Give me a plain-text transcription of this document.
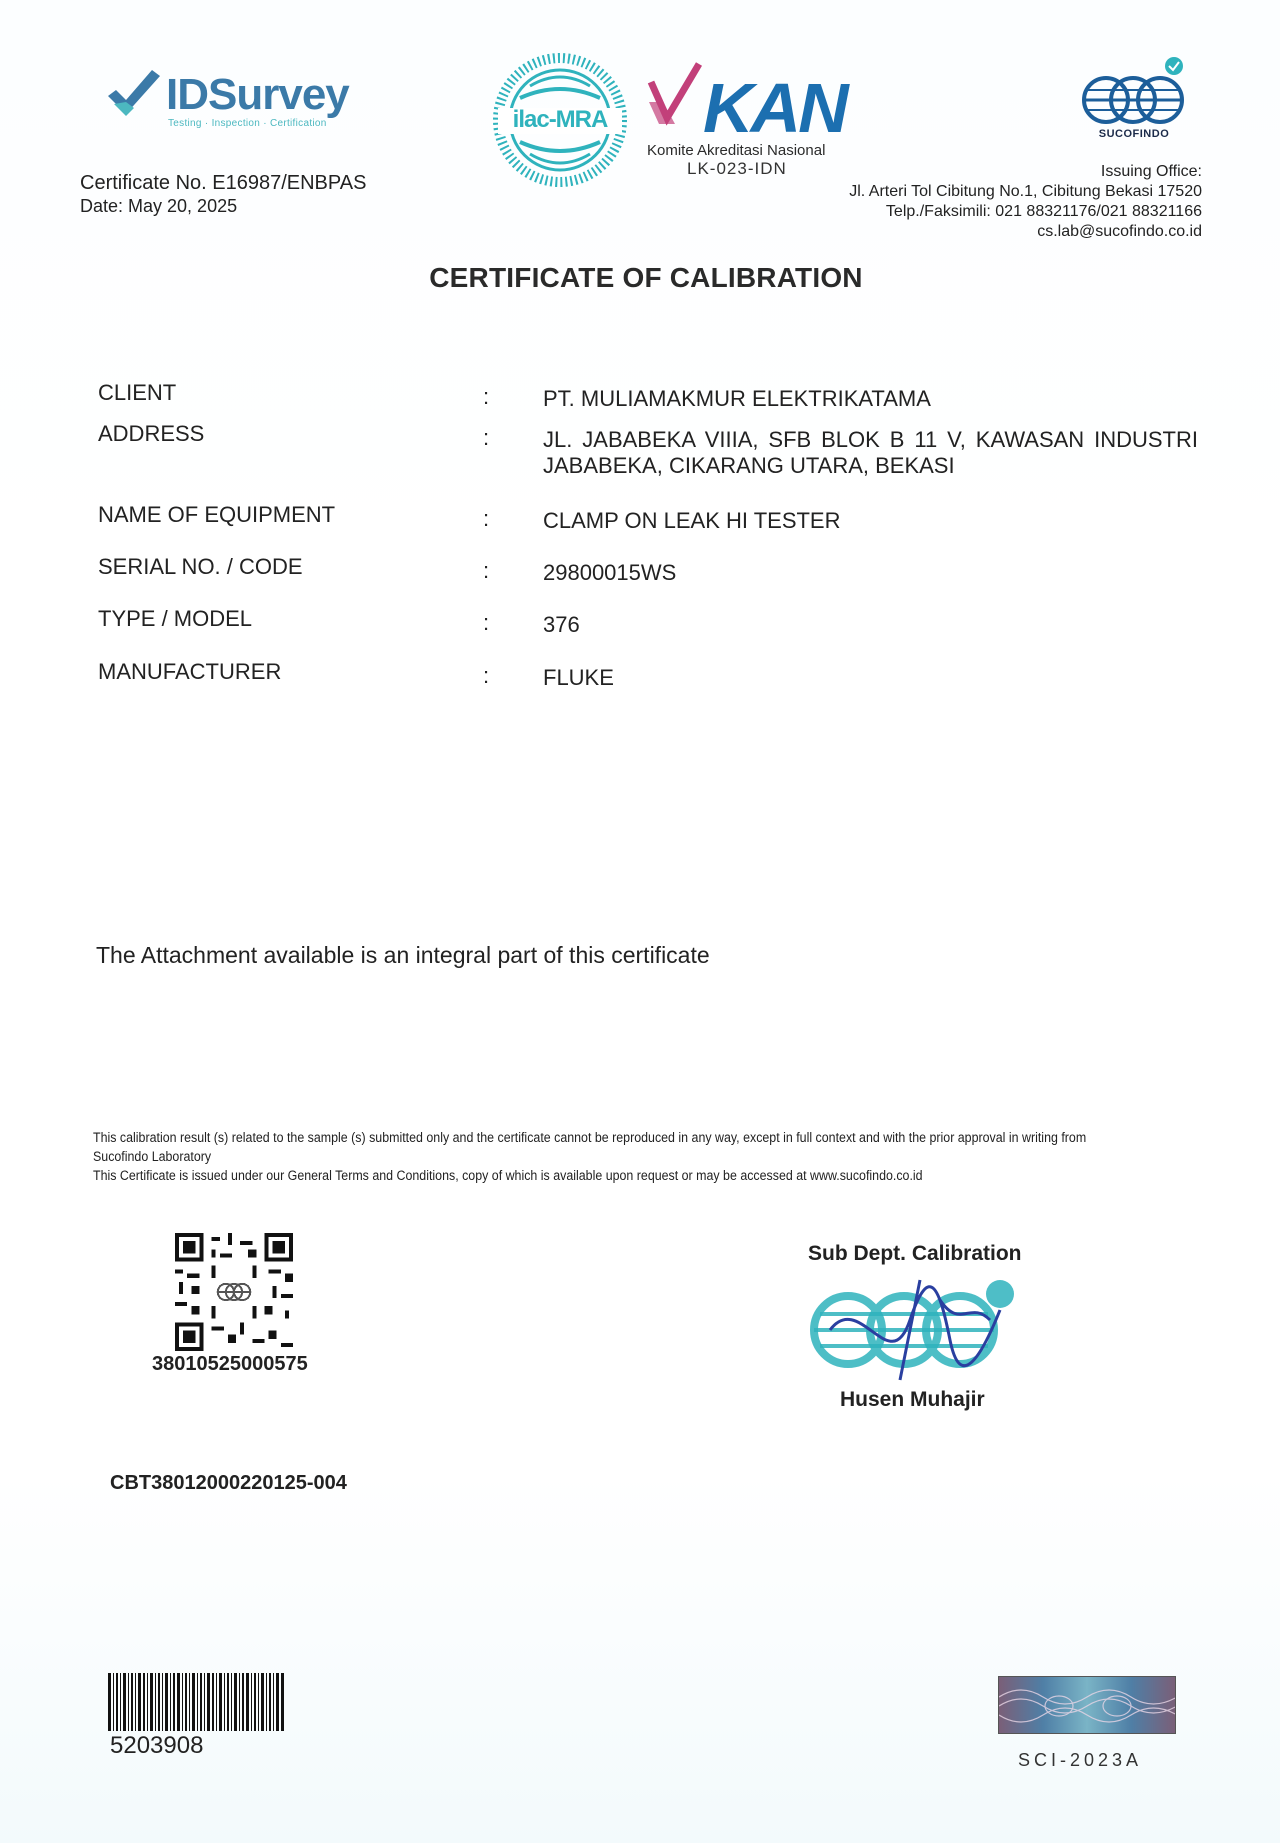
IDSurvey
Testing · Inspection · Certification	ilac-MRA KAN
Komite Akreditasi Nasional
LK-023-IDN
SUCOFINDO
Certificate No. E16987/ENBPAS
Date: May 20, 2025
Issuing Office:
Jl. Arteri Tol Cibitung No.1, Cibitung Bekasi 17520
Telp./Faksimili: 021 88321176/021 88321166
cs.lab@sucofindo.co.id
CERTIFICATE OF CALIBRATION
CLIENT	: PT. MULIAMAKMUR ELEKTRIKATAMA
ADDRESS	: JL. JABABEKA VIIIA, SFB BLOK B 11 V, KAWASAN INDUSTRI JABABEKA, CIKARANG UTARA, BEKASI
NAME OF EQUIPMENT	: CLAMP ON LEAK HI TESTER
SERIAL NO. / CODE	: 29800015WS
TYPE / MODEL	: 376
MANUFACTURER	: FLUKE
The Attachment available is an integral part of this certificate

This calibration result (s) related to the sample (s) submitted only and the certificate cannot be reproduced in any way, except in full context and with the prior approval in writing from

Sucofindo Laboratory

This Certificate is issued under our General Terms and Conditions, copy of which is available upon request or may be accessed at www.sucofindo.co.id

38010525000575
Sub Dept. Calibration
Husen Muhajir
CBT38012000220125-004
5203908
SCI-2023A
